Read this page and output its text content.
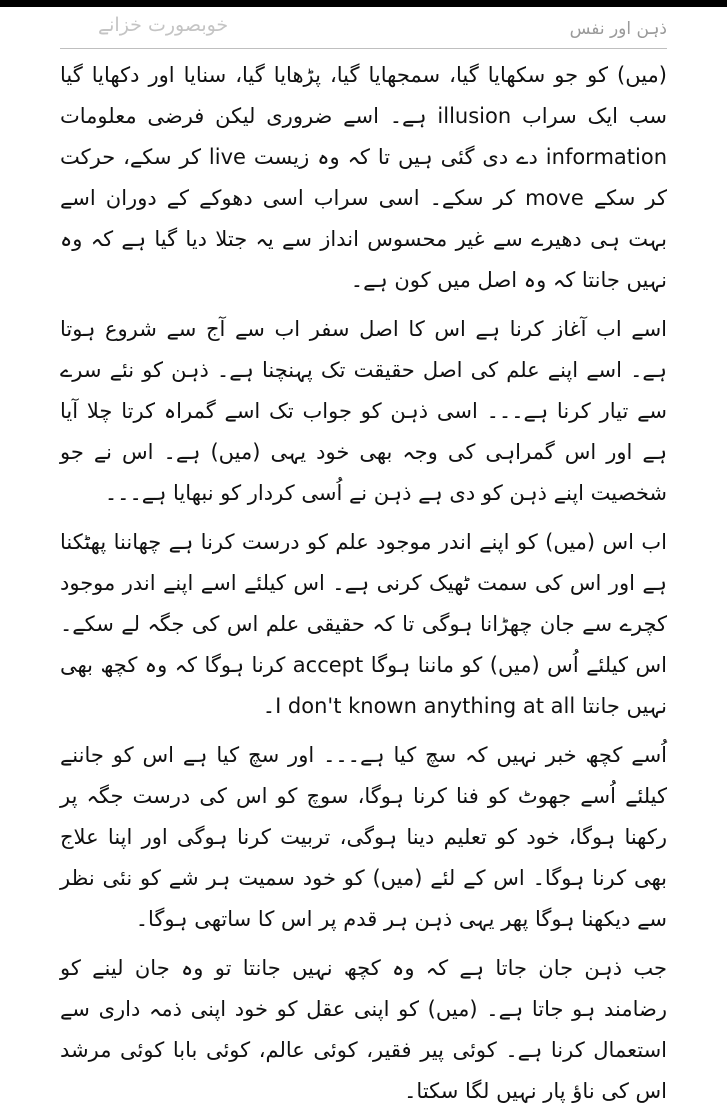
خوبصورت خزانے	ذہن اور نفس

(میں) کو جو سکھایا گیا، سمجھایا گیا، پڑھایا گیا، سنایا اور دکھایا گیا سب ایک سراب illusion ہے۔ اسے ضروری لیکن فرضی معلومات information دے دی گئی ہیں تا کہ وہ زیست live کر سکے، حرکت کر سکے move کر سکے۔ اسی سراب اسی دھوکے کے دوران اسے بہت ہی دھیرے سے غیر محسوس انداز سے یہ جتلا دیا گیا ہے کہ وہ نہیں جانتا کہ وہ اصل میں کون ہے۔

اسے اب آغاز کرنا ہے اس کا اصل سفر اب سے آج سے شروع ہوتا ہے۔ اسے اپنے علم کی اصل حقیقت تک پہنچنا ہے۔ ذہن کو نئے سرے سے تیار کرنا ہے۔۔۔ اسی ذہن کو جواب تک اسے گمراہ کرتا چلا آیا ہے اور اس گمراہی کی وجہ بھی خود یہی (میں) ہے۔ اس نے جو شخصیت اپنے ذہن کو دی ہے ذہن نے اُسی کردار کو نبھایا ہے۔۔۔

اب اس (میں) کو اپنے اندر موجود علم کو درست کرنا ہے چھاننا پھٹکنا ہے اور اس کی سمت ٹھیک کرنی ہے۔ اس کیلئے اسے اپنے اندر موجود کچرے سے جان چھڑانا ہوگی تا کہ حقیقی علم اس کی جگہ لے سکے۔ اس کیلئے اُس (میں) کو ماننا ہوگا accept کرنا ہوگا کہ وہ کچھ بھی نہیں جانتا I don't known anything at all۔

اُسے کچھ خبر نہیں کہ سچ کیا ہے۔۔۔ اور سچ کیا ہے اس کو جاننے کیلئے اُسے جھوٹ کو فنا کرنا ہوگا، سوچ کو اس کی درست جگہ پر رکھنا ہوگا، خود کو تعلیم دینا ہوگی، تربیت کرنا ہوگی اور اپنا علاج بھی کرنا ہوگا۔ اس کے لئے (میں) کو خود سمیت ہر شے کو نئی نظر سے دیکھنا ہوگا پھر یہی ذہن ہر قدم پر اس کا ساتھی ہوگا۔

جب ذہن جان جاتا ہے کہ وہ کچھ نہیں جانتا تو وہ جان لینے کو رضامند ہو جاتا ہے۔ (میں) کو اپنی عقل کو خود اپنی ذمہ داری سے استعمال کرنا ہے۔ کوئی پیر فقیر، کوئی عالم، کوئی بابا کوئی مرشد اس کی ناؤ پار نہیں لگا سکتا۔
